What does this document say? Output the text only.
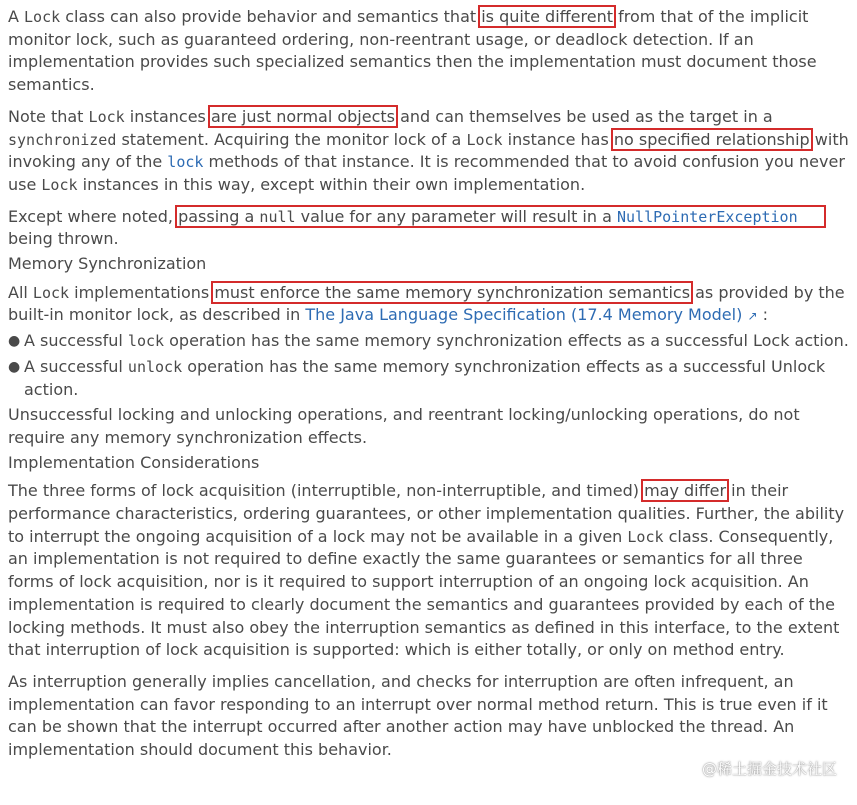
A Lock class can also provide behavior and semantics that is quite different from that of the implicit monitor lock, such as guaranteed ordering, non-reentrant usage, or deadlock detection. If an implementation provides such specialized semantics then the implementation must document those semantics.

Note that Lock instances are just normal objects and can themselves be used as the target in a synchronized statement. Acquiring the monitor lock of a Lock instance has no specified relationship with invoking any of the lock methods of that instance. It is recommended that to avoid confusion you never use Lock instances in this way, except within their own implementation.

Except where noted, passing a null value for any parameter will result in a NullPointerException being thrown.

Memory Synchronization

All Lock implementations must enforce the same memory synchronization semantics as provided by the built-in monitor lock, as described in The Java Language Specification (17.4 Memory Model) ↗ :

● A successful lock operation has the same memory synchronization effects as a successful Lock action.
● A successful unlock operation has the same memory synchronization effects as a successful Unlock action.

Unsuccessful locking and unlocking operations, and reentrant locking/unlocking operations, do not require any memory synchronization effects.

Implementation Considerations

The three forms of lock acquisition (interruptible, non-interruptible, and timed) may differ in their performance characteristics, ordering guarantees, or other implementation qualities. Further, the ability to interrupt the ongoing acquisition of a lock may not be available in a given Lock class. Consequently, an implementation is not required to define exactly the same guarantees or semantics for all three forms of lock acquisition, nor is it required to support interruption of an ongoing lock acquisition. An implementation is required to clearly document the semantics and guarantees provided by each of the locking methods. It must also obey the interruption semantics as defined in this interface, to the extent that interruption of lock acquisition is supported: which is either totally, or only on method entry.

As interruption generally implies cancellation, and checks for interruption are often infrequent, an implementation can favor responding to an interrupt over normal method return. This is true even if it can be shown that the interrupt occurred after another action may have unblocked the thread. An implementation should document this behavior.

@稀土掘金技术社区
